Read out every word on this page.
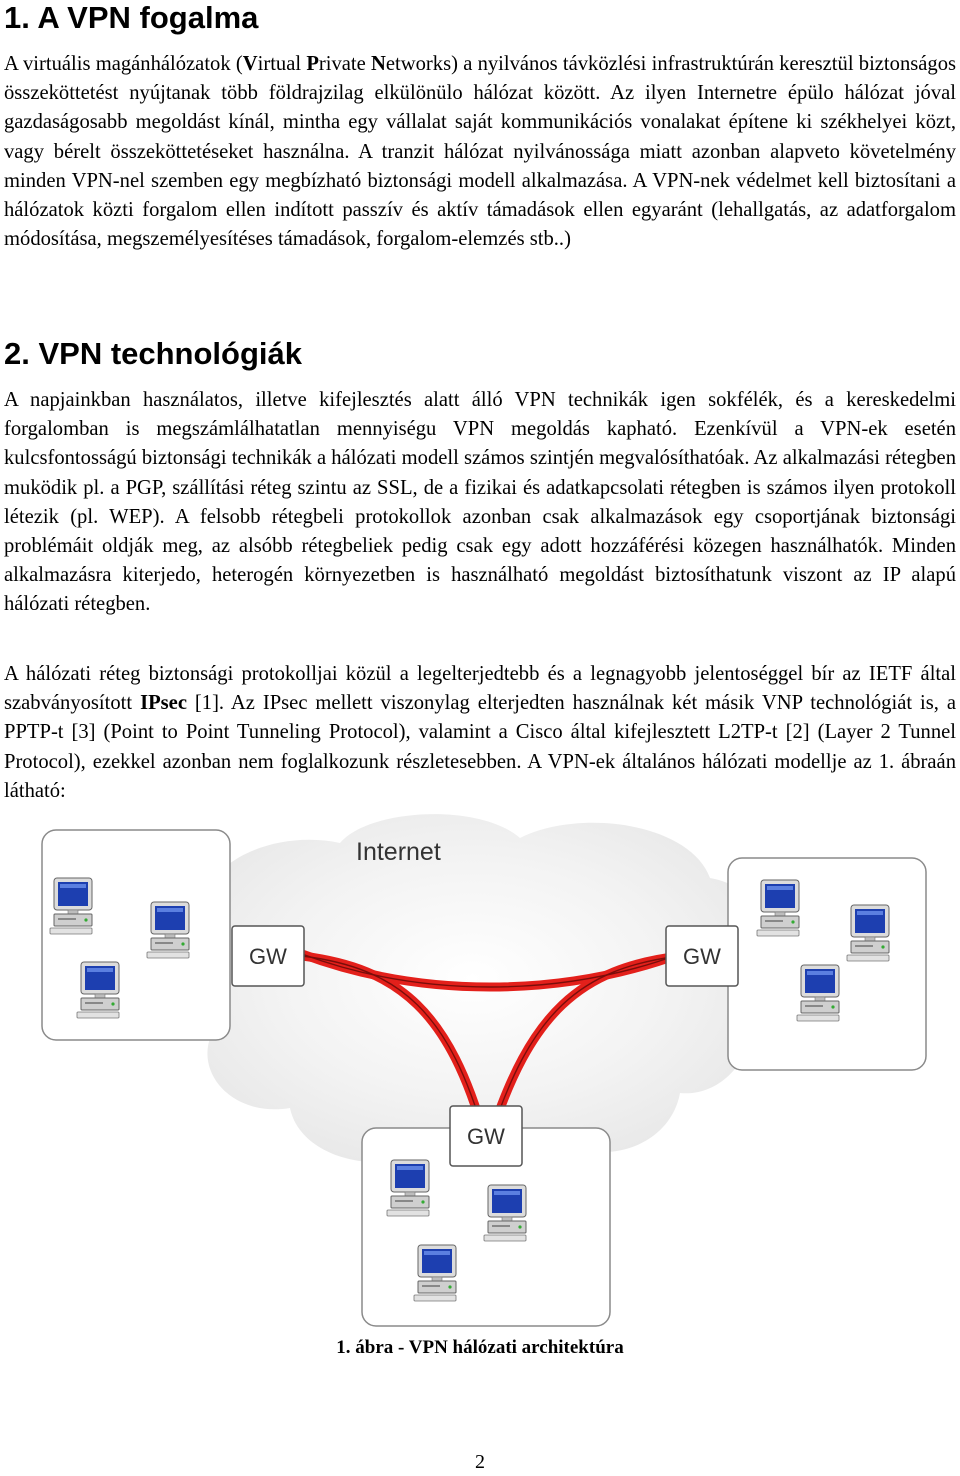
1. A VPN fogalma

A virtuális magánhálózatok (Virtual Private Networks) a nyilvános távközlési infrastruktúrán keresztül biztonságos összeköttetést nyújtanak több földrajzilag elkülönülo hálózat között. Az ilyen Internetre épülo hálózat jóval gazdaságosabb megoldást kínál, mintha egy vállalat saját kommunikációs vonalakat építene ki székhelyei közt, vagy bérelt összeköttetéseket használna. A tranzit hálózat nyilvánossága miatt azonban alapveto követelmény minden VPN-nel szemben egy megbízható biztonsági modell alkalmazása. A VPN-nek védelmet kell biztosítani a hálózatok közti forgalom ellen indított passzív és aktív támadások ellen egyaránt (lehallgatás, az adatforgalom módosítása, megszemélyesítéses támadások, forgalom-elemzés stb..)

2. VPN technológiák

A napjainkban használatos, illetve kifejlesztés alatt álló VPN technikák igen sokfélék, és a kereskedelmi forgalomban is megszámlálhatatlan mennyiségu VPN megoldás kapható. Ezenkívül a VPN-ek esetén kulcsfontosságú biztonsági technikák a hálózati modell számos szintjén megvalósíthatóak. Az alkalmazási rétegben muködik pl. a PGP, szállítási réteg szintu az SSL, de a fizikai és adatkapcsolati rétegben is számos ilyen protokoll létezik (pl. WEP). A felsobb rétegbeli protokollok azonban csak alkalmazások egy csoportjának biztonsági problémáit oldják meg, az alsóbb rétegbeliek pedig csak egy adott hozzáférési közegen használhatók. Minden alkalmazásra kiterjedo, heterogén környezetben is használható megoldást biztosíthatunk viszont az IP alapú hálózati rétegben.

A hálózati réteg biztonsági protokolljai közül a legelterjedtebb és a legnagyobb jelentoséggel bír az IETF által szabványosított IPsec [1]. Az IPsec mellett viszonylag elterjedten használnak két másik VNP technológiát is, a PPTP-t [3] (Point to Point Tunneling Protocol), valamint a Cisco által kifejlesztett L2TP-t [2] (Layer 2 Tunnel Protocol), ezekkel azonban nem foglalkozunk részletesebben. A VPN-ek általános hálózati modellje az 1. ábraán látható:

Internet
GW	GW
GW

1. ábra - VPN hálózati architektúra

2
